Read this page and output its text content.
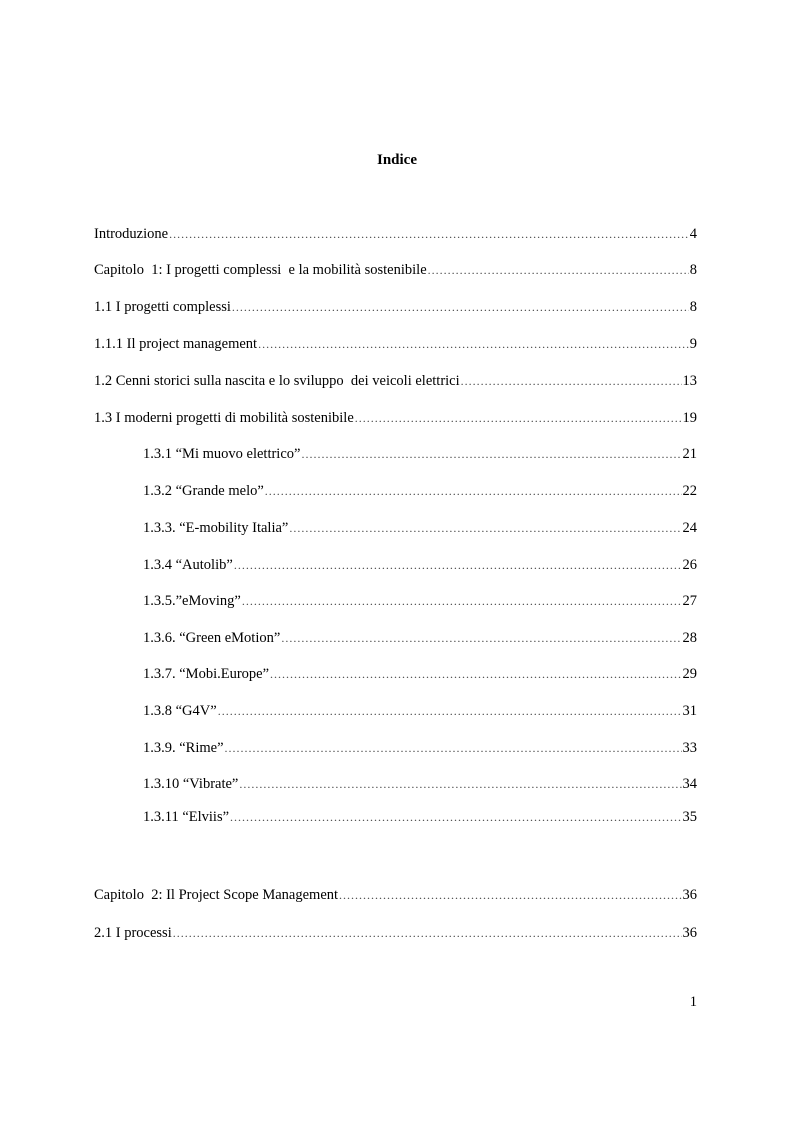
Indice
Introduzione .....	4
Capitolo  1: I progetti complessi  e la mobilità sostenibile .....	8
1.1 I progetti complessi .....	8
1.1.1 Il project management .....	9
1.2 Cenni storici sulla nascita e lo sviluppo  dei veicoli elettrici .....	13
1.3 I moderni progetti di mobilità sostenibile .....	19
1.3.1 “Mi muovo elettrico” .....	21
1.3.2 “Grande melo” .....	22
1.3.3. “E-mobility Italia” .....	24
1.3.4 “Autolib” .....	26
1.3.5.”eMoving” .....	27
1.3.6. “Green eMotion” .....	28
1.3.7. “Mobi.Europe” .....	29
1.3.8 “G4V” .....	31
1.3.9. “Rime” .....	33
1.3.10 “Vibrate” .....	34
1.3.11 “Elviis” .....	35
Capitolo  2: Il Project Scope Management .....	36
2.1 I processi .....	36
1
